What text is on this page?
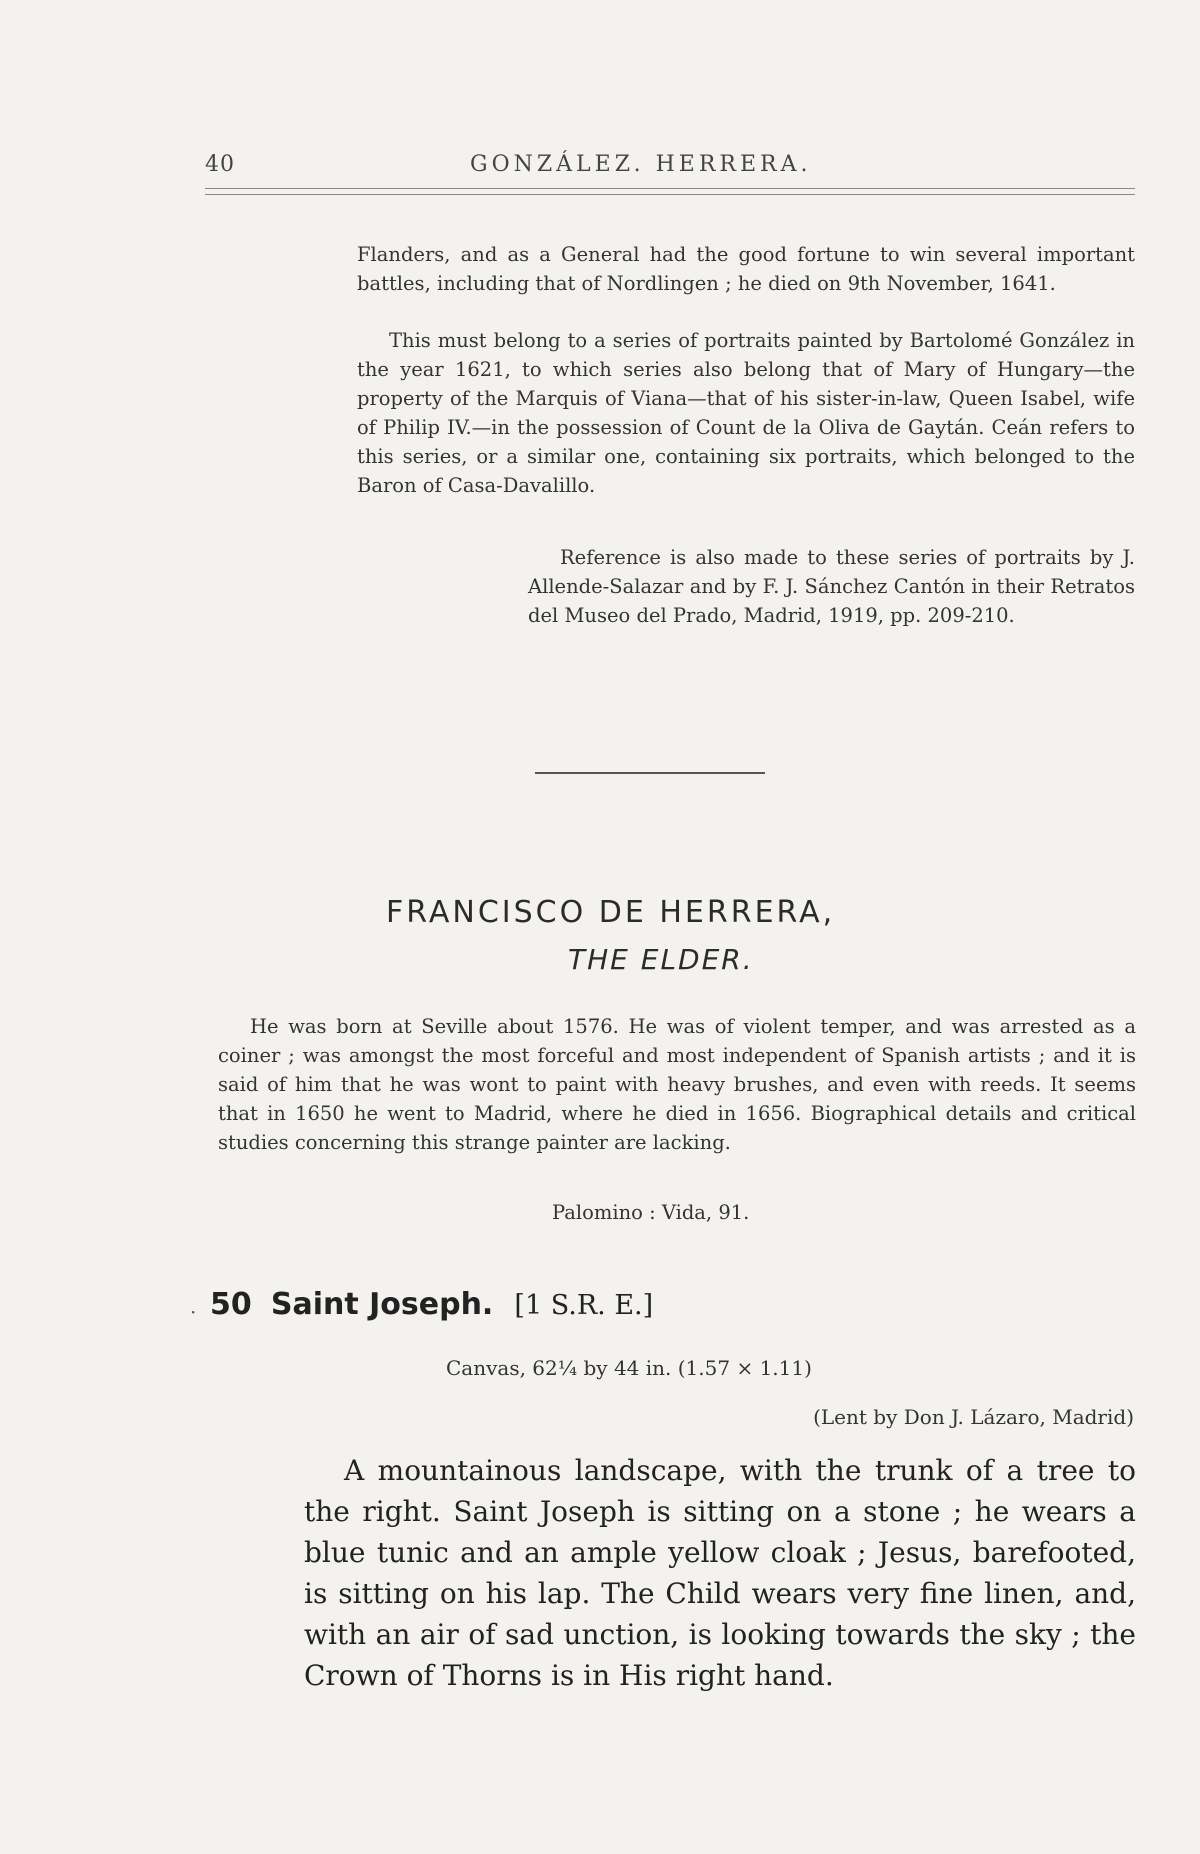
40	GONZÁLEZ. HERRERA.

Flanders, and as a General had the good fortune to win several important battles, including that of Nordlingen ; he died on 9th November, 1641.

This must belong to a series of portraits painted by Bartolomé González in the year 1621, to which series also belong that of Mary of Hungary—the property of the Marquis of Viana—that of his sister-in-law, Queen Isabel, wife of Philip IV.—in the possession of Count de la Oliva de Gaytán. Ceán refers to this series, or a similar one, containing six portraits, which belonged to the Baron of Casa-Davalillo.

Reference is also made to these series of portraits by J. Allende-Salazar and by F. J. Sánchez Cantón in their Retratos del Museo del Prado, Madrid, 1919, pp. 209-210.

FRANCISCO DE HERRERA,
THE ELDER.

He was born at Seville about 1576. He was of violent temper, and was arrested as a coiner ; was amongst the most forceful and most independent of Spanish artists ; and it is said of him that he was wont to paint with heavy brushes, and even with reeds. It seems that in 1650 he went to Madrid, where he died in 1656. Biographical details and critical studies concerning this strange painter are lacking.

Palomino : Vida, 91.
· 50 Saint Joseph. [1 S.R. E.]
Canvas, 62¼ by 44 in. (1.57 × 1.11)
(Lent by Don J. Lázaro, Madrid)

A mountainous landscape, with the trunk of a tree to the right. Saint Joseph is sitting on a stone ; he wears a blue tunic and an ample yellow cloak ; Jesus, barefooted, is sitting on his lap. The Child wears very fine linen, and, with an air of sad unction, is looking towards the sky ; the Crown of Thorns is in His right hand.
